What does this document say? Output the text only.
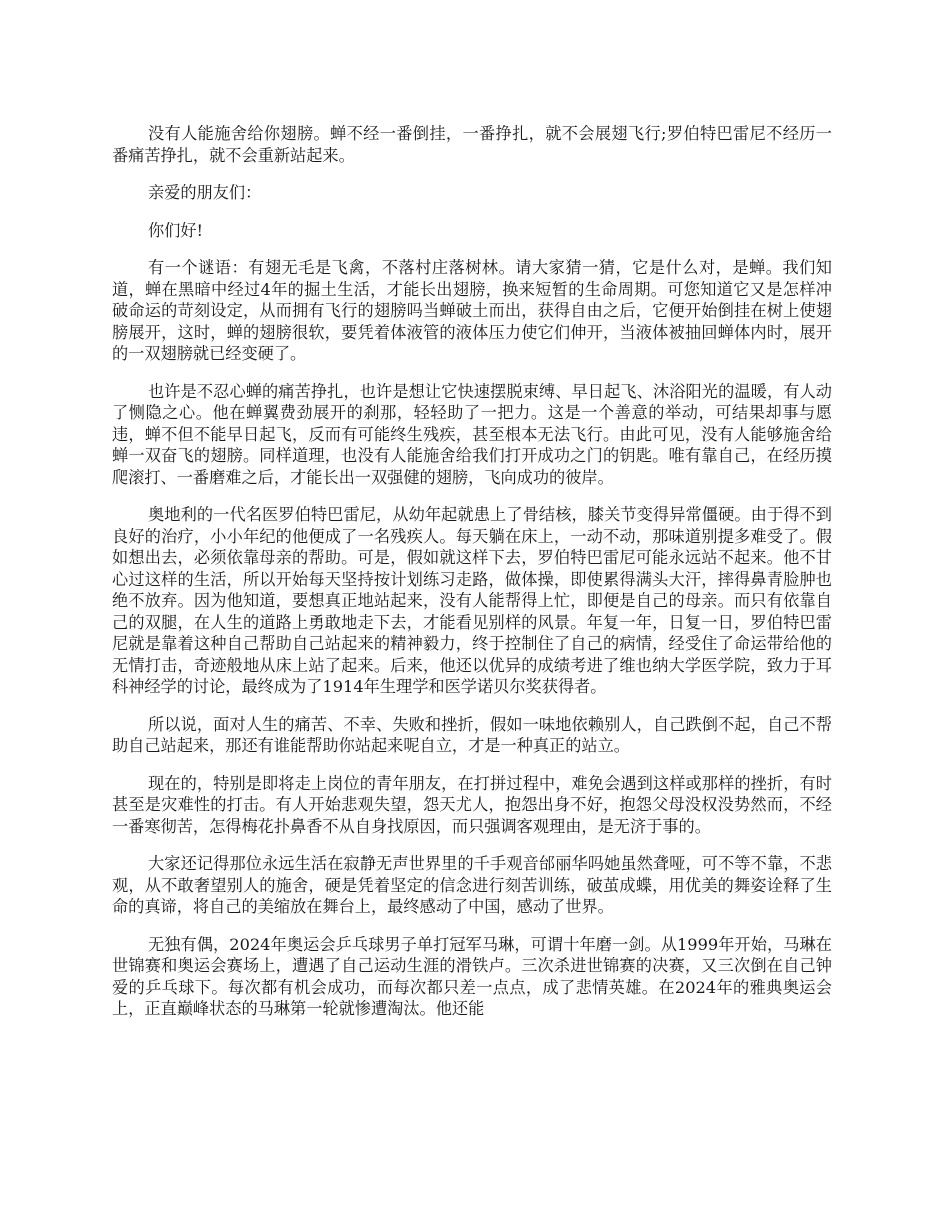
没有人能施舍给你翅膀。蝉不经一番倒挂，一番挣扎，就不会展翅飞行;罗伯特巴雷尼不经历一番痛苦挣扎，就不会重新站起来。

亲爱的朋友们：

你们好!

有一个谜语：有翅无毛是飞禽，不落村庄落树林。请大家猜一猜，它是什么对，是蝉。我们知道，蝉在黑暗中经过4年的掘土生活，才能长出翅膀，换来短暂的生命周期。可您知道它又是怎样冲破命运的苛刻设定，从而拥有飞行的翅膀吗当蝉破土而出，获得自由之后，它便开始倒挂在树上使翅膀展开，这时，蝉的翅膀很软，要凭着体液管的液体压力使它们伸开，当液体被抽回蝉体内时，展开的一双翅膀就已经变硬了。

也许是不忍心蝉的痛苦挣扎，也许是想让它快速摆脱束缚、早日起飞、沐浴阳光的温暖，有人动了恻隐之心。他在蝉翼费劲展开的刹那，轻轻助了一把力。这是一个善意的举动，可结果却事与愿违，蝉不但不能早日起飞，反而有可能终生残疾，甚至根本无法飞行。由此可见，没有人能够施舍给蝉一双奋飞的翅膀。同样道理，也没有人能施舍给我们打开成功之门的钥匙。唯有靠自己，在经历摸爬滚打、一番磨难之后，才能长出一双强健的翅膀，飞向成功的彼岸。

奥地利的一代名医罗伯特巴雷尼，从幼年起就患上了骨结核，膝关节变得异常僵硬。由于得不到良好的治疗，小小年纪的他便成了一名残疾人。每天躺在床上，一动不动，那味道别提多难受了。假如想出去，必须依靠母亲的帮助。可是，假如就这样下去，罗伯特巴雷尼可能永远站不起来。他不甘心过这样的生活，所以开始每天坚持按计划练习走路，做体操，即使累得满头大汗，摔得鼻青脸肿也绝不放弃。因为他知道，要想真正地站起来，没有人能帮得上忙，即便是自己的母亲。而只有依靠自己的双腿，在人生的道路上勇敢地走下去，才能看见别样的风景。年复一年，日复一日，罗伯特巴雷尼就是靠着这种自己帮助自己站起来的精神毅力，终于控制住了自己的病情，经受住了命运带给他的无情打击，奇迹般地从床上站了起来。后来，他还以优异的成绩考进了维也纳大学医学院，致力于耳科神经学的讨论，最终成为了1914年生理学和医学诺贝尔奖获得者。

所以说，面对人生的痛苦、不幸、失败和挫折，假如一味地依赖别人，自己跌倒不起，自己不帮助自己站起来，那还有谁能帮助你站起来呢自立，才是一种真正的站立。

现在的，特别是即将走上岗位的青年朋友，在打拼过程中，难免会遇到这样或那样的挫折，有时甚至是灾难性的打击。有人开始悲观失望，怨天尤人，抱怨出身不好，抱怨父母没权没势然而，不经一番寒彻苦，怎得梅花扑鼻香不从自身找原因，而只强调客观理由，是无济于事的。

大家还记得那位永远生活在寂静无声世界里的千手观音邰丽华吗她虽然聋哑，可不等不靠，不悲观，从不敢奢望别人的施舍，硬是凭着坚定的信念进行刻苦训练，破茧成蝶，用优美的舞姿诠释了生命的真谛，将自己的美缩放在舞台上，最终感动了中国，感动了世界。

无独有偶，2024年奥运会乒乓球男子单打冠军马琳，可谓十年磨一剑。从1999年开始，马琳在世锦赛和奥运会赛场上，遭遇了自己运动生涯的滑铁卢。三次杀进世锦赛的决赛，又三次倒在自己钟爱的乒乓球下。每次都有机会成功，而每次都只差一点点，成了悲情英雄。在2024年的雅典奥运会上，正直巅峰状态的马琳第一轮就惨遭淘汰。他还能
